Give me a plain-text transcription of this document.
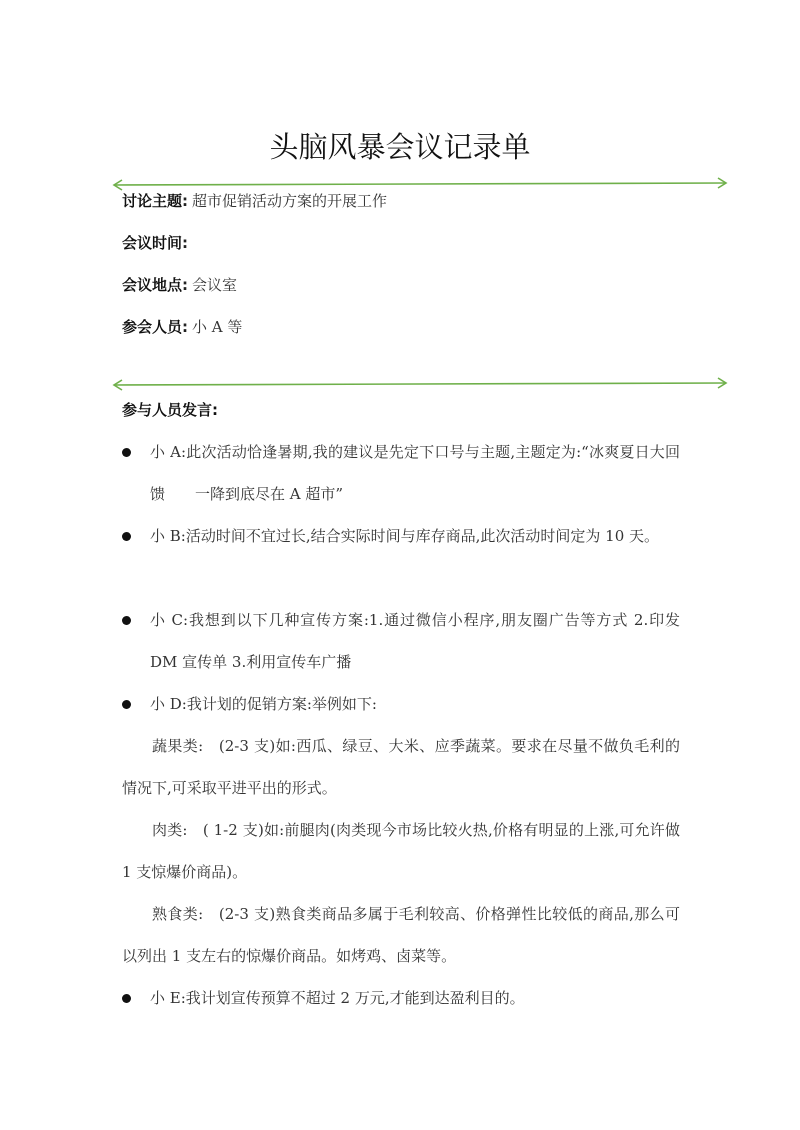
头脑风暴会议记录单
讨论主题: 超市促销活动方案的开展工作
会议时间:
会议地点: 会议室
参会人员: 小 A 等
参与人员发言:
小 A:此次活动恰逢暑期,我的建议是先定下口号与主题,主题定为:“冰爽夏日大回馈　　一降到底尽在 A 超市”
小 B:活动时间不宜过长,结合实际时间与库存商品,此次活动时间定为 10 天。
小 C:我想到以下几种宣传方案:1.通过微信小程序,朋友圈广告等方式 2.印发 DM 宣传单 3.利用宣传车广播
小 D:我计划的促销方案:举例如下:
蔬果类:　(2-3 支)如:西瓜、绿豆、大米、应季蔬菜。要求在尽量不做负毛利的情况下,可采取平进平出的形式。
肉类:　( 1-2 支)如:前腿肉(肉类现今市场比较火热,价格有明显的上涨,可允许做 1 支惊爆价商品)。
熟食类:　(2-3 支)熟食类商品多属于毛利较高、价格弹性比较低的商品,那么可以列出 1 支左右的惊爆价商品。如烤鸡、卤菜等。
小 E:我计划宣传预算不超过 2 万元,才能到达盈利目的。
